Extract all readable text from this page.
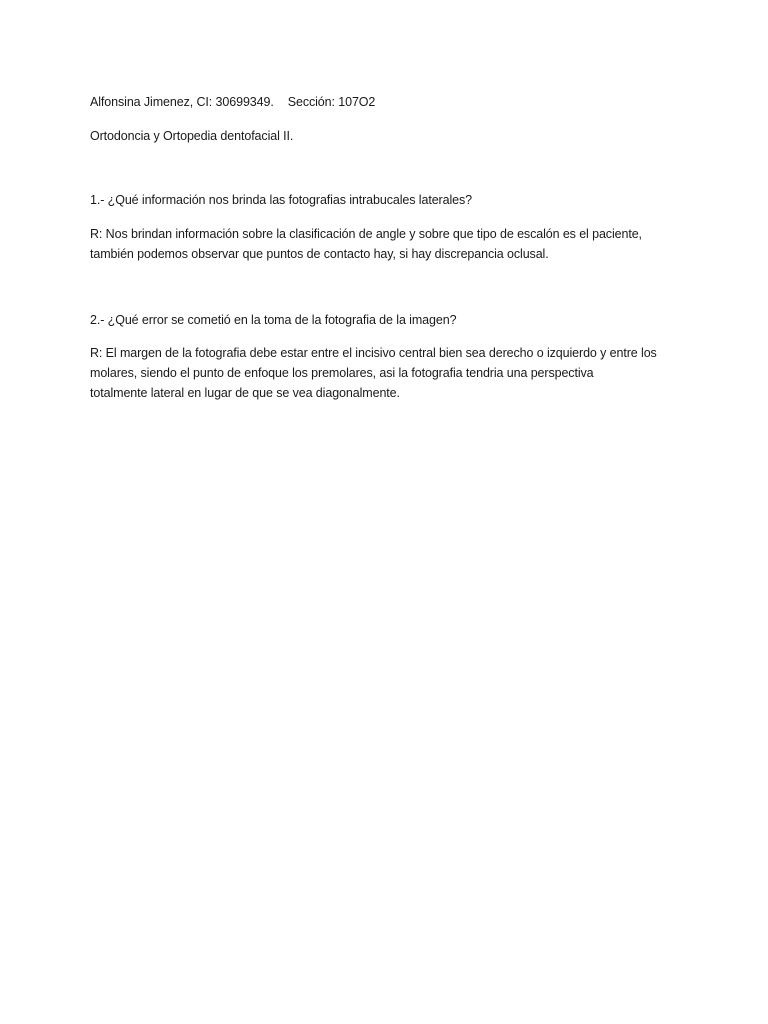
Alfonsina Jimenez, CI: 30699349. Sección: 107O2
Ortodoncia y Ortopedia dentofacial II.
1.- ¿Qué información nos brinda las fotografias intrabucales laterales?
R: Nos brindan información sobre la clasificación de angle y sobre que tipo de escalón es el paciente,
también podemos observar que puntos de contacto hay, si hay discrepancia oclusal.
2.- ¿Qué error se cometió en la toma de la fotografia de la imagen?
R: El margen de la fotografia debe estar entre el incisivo central bien sea derecho o izquierdo y entre los
molares, siendo el punto de enfoque los premolares, asi la fotografia tendria una perspectiva
totalmente lateral en lugar de que se vea diagonalmente.
